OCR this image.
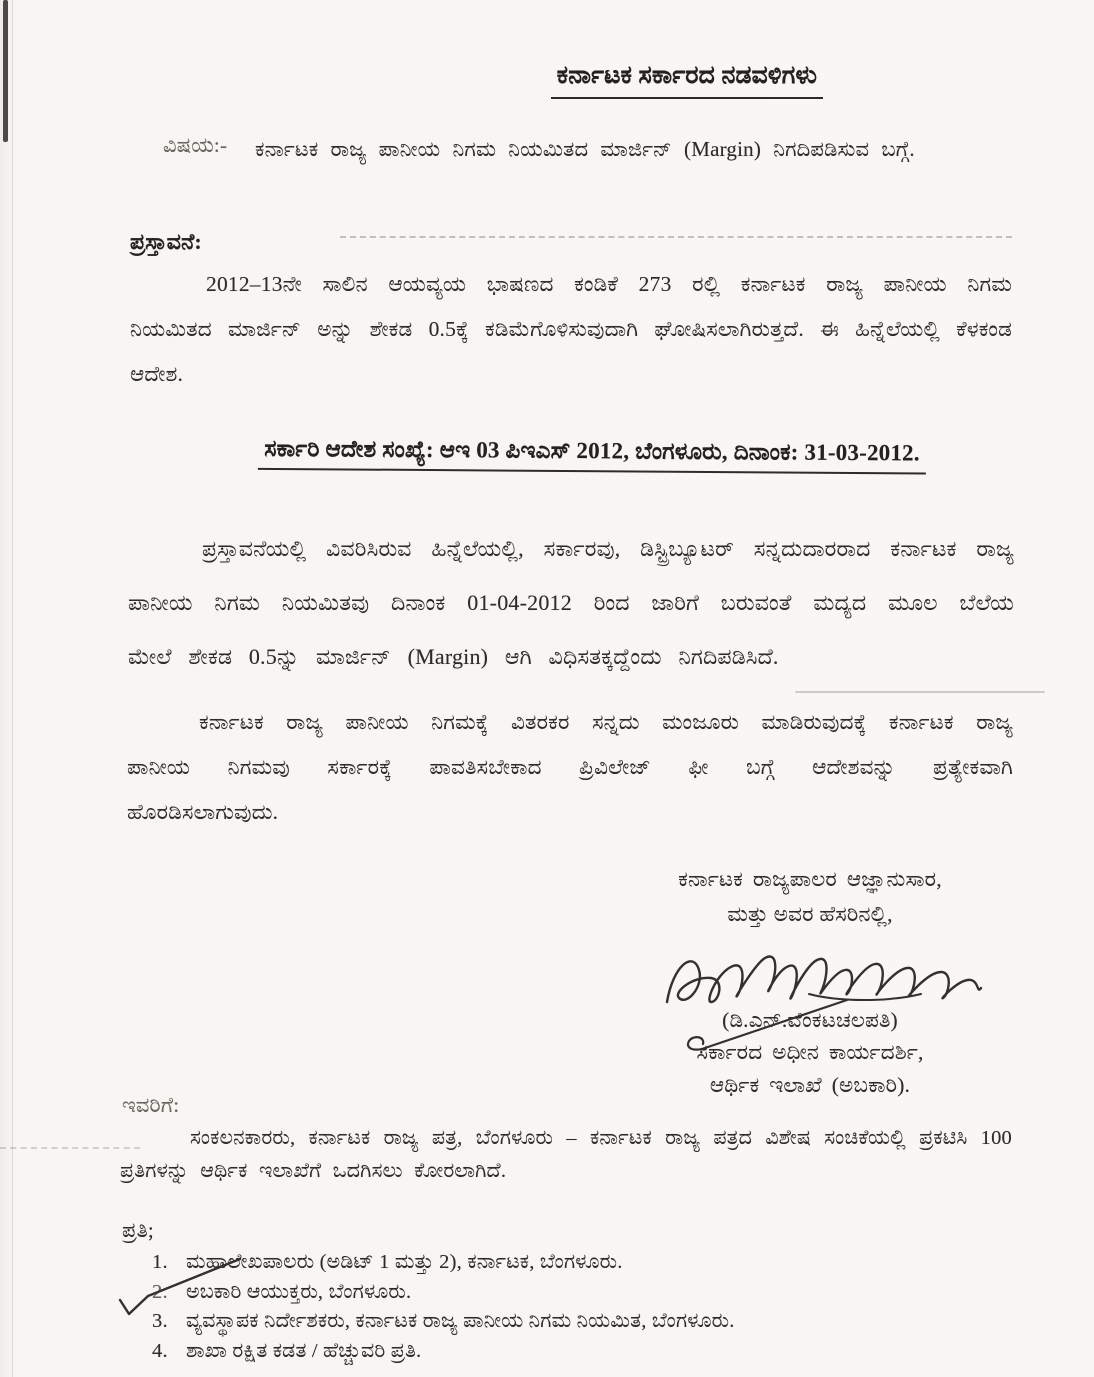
ಕರ್ನಾಟಕ ಸರ್ಕಾರದ ನಡವಳಿಗಳು
ವಿಷಯ:- ಕರ್ನಾಟಕ ರಾಜ್ಯ ಪಾನೀಯ ನಿಗಮ ನಿಯಮಿತದ ಮಾರ್ಜಿನ್ (Margin) ನಿಗದಿಪಡಿಸುವ ಬಗ್ಗೆ.
ಪ್ರಸ್ತಾವನೆ:
2012–13ನೇ ಸಾಲಿನ ಆಯವ್ಯಯ ಭಾಷಣದ ಕಂಡಿಕೆ 273 ರಲ್ಲಿ ಕರ್ನಾಟಕ ರಾಜ್ಯ ಪಾನೀಯ ನಿಗಮ ನಿಯಮಿತದ ಮಾರ್ಜಿನ್ ಅನ್ನು ಶೇಕಡ 0.5ಕ್ಕೆ ಕಡಿಮೆಗೊಳಿಸುವುದಾಗಿ ಘೋಷಿಸಲಾಗಿರುತ್ತದೆ. ಈ ಹಿನ್ನೆಲೆಯಲ್ಲಿ ಕೆಳಕಂಡ ಆದೇಶ.
ಸರ್ಕಾರಿ ಆದೇಶ ಸಂಖ್ಯೆ: ಆಇ 03 ಪಿಇಎಸ್ 2012, ಬೆಂಗಳೂರು, ದಿನಾಂಕ: 31-03-2012.
ಪ್ರಸ್ತಾವನೆಯಲ್ಲಿ ವಿವರಿಸಿರುವ ಹಿನ್ನೆಲೆಯಲ್ಲಿ, ಸರ್ಕಾರವು, ಡಿಸ್ಟ್ರಿಬ್ಯೂಟರ್ ಸನ್ನದುದಾರರಾದ ಕರ್ನಾಟಕ ರಾಜ್ಯ ಪಾನೀಯ ನಿಗಮ ನಿಯಮಿತವು ದಿನಾಂಕ 01-04-2012 ರಿಂದ ಜಾರಿಗೆ ಬರುವಂತೆ ಮದ್ಯದ ಮೂಲ ಬೆಲೆಯ ಮೇಲೆ ಶೇಕಡ 0.5ನ್ನು ಮಾರ್ಜಿನ್ (Margin) ಆಗಿ ವಿಧಿಸತಕ್ಕದ್ದೆಂದು ನಿಗದಿಪಡಿಸಿದೆ.
ಕರ್ನಾಟಕ ರಾಜ್ಯ ಪಾನೀಯ ನಿಗಮಕ್ಕೆ ವಿತರಕರ ಸನ್ನದು ಮಂಜೂರು ಮಾಡಿರುವುದಕ್ಕೆ ಕರ್ನಾಟಕ ರಾಜ್ಯ ಪಾನೀಯ ನಿಗಮವು ಸರ್ಕಾರಕ್ಕೆ ಪಾವತಿಸಬೇಕಾದ ಪ್ರಿವಿಲೇಜ್ ಫೀ ಬಗ್ಗೆ ಆದೇಶವನ್ನು ಪ್ರತ್ಯೇಕವಾಗಿ ಹೊರಡಿಸಲಾಗುವುದು.
ಕರ್ನಾಟಕ ರಾಜ್ಯಪಾಲರ ಆಜ್ಞಾನುಸಾರ,
ಮತ್ತು ಅವರ ಹೆಸರಿನಲ್ಲಿ,
(ಡಿ.ಎನ್.ವೆಂಕಟಚಲಪತಿ)
ಸರ್ಕಾರದ ಅಧೀನ ಕಾರ್ಯದರ್ಶಿ,
ಆರ್ಥಿಕ ಇಲಾಖೆ (ಅಬಕಾರಿ).
ಇವರಿಗೆ:
ಸಂಕಲನಕಾರರು, ಕರ್ನಾಟಕ ರಾಜ್ಯ ಪತ್ರ, ಬೆಂಗಳೂರು – ಕರ್ನಾಟಕ ರಾಜ್ಯ ಪತ್ರದ ವಿಶೇಷ ಸಂಚಿಕೆಯಲ್ಲಿ ಪ್ರಕಟಿಸಿ 100 ಪ್ರತಿಗಳನ್ನು ಆರ್ಥಿಕ ಇಲಾಖೆಗೆ ಒದಗಿಸಲು ಕೋರಲಾಗಿದೆ.
ಪ್ರತಿ;
1. ಮಹಾಲೇಖಪಾಲರು (ಅಡಿಟ್ 1 ಮತ್ತು 2), ಕರ್ನಾಟಕ, ಬೆಂಗಳೂರು.
2. ಅಬಕಾರಿ ಆಯುಕ್ತರು, ಬೆಂಗಳೂರು.
3. ವ್ಯವಸ್ಥಾಪಕ ನಿರ್ದೇಶಕರು, ಕರ್ನಾಟಕ ರಾಜ್ಯ ಪಾನೀಯ ನಿಗಮ ನಿಯಮಿತ, ಬೆಂಗಳೂರು.
4. ಶಾಖಾ ರಕ್ಷಿತ ಕಡತ / ಹೆಚ್ಚುವರಿ ಪ್ರತಿ.
